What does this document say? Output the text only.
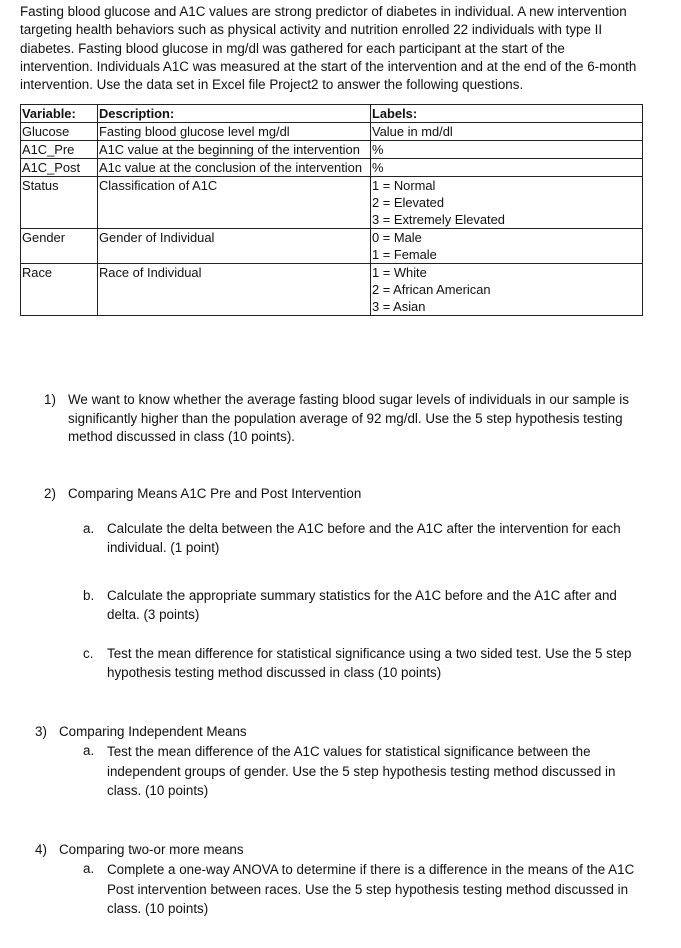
Fasting blood glucose and A1C values are strong predictor of diabetes in individual. A new intervention targeting health behaviors such as physical activity and nutrition enrolled 22 individuals with type II diabetes. Fasting blood glucose in mg/dl was gathered for each participant at the start of the intervention. Individuals A1C was measured at the start of the intervention and at the end of the 6-month intervention. Use the data set in Excel file Project2 to answer the following questions.

Variable:	Description:	Labels:
Glucose	Fasting blood glucose level mg/dl	Value in md/dl

A1C_Pre	A1C value at the beginning of the intervention	%

A1C_Post	A1c value at the conclusion of the intervention	%

Status	Classification of A1C	1 = Normal
2 = Elevated
3 = Extremely Elevated

Gender	Gender of Individual	0 = Male
1 = Female

Race	Race of Individual	1 = White
2 = African American
3 = Asian
1) We want to know whether the average fasting blood sugar levels of individuals in our sample is significantly higher than the population average of 92 mg/dl. Use the 5 step hypothesis testing method discussed in class (10 points).

2) Comparing Means A1C Pre and Post Intervention
a. Calculate the delta between the A1C before and the A1C after the intervention for each individual. (1 point)

b. Calculate the appropriate summary statistics for the A1C before and the A1C after and delta. (3 points)

c. Test the mean difference for statistical significance using a two sided test. Use the 5 step hypothesis testing method discussed in class (10 points)

3) Comparing Independent Means
a. Test the mean difference of the A1C values for statistical significance between the independent groups of gender. Use the 5 step hypothesis testing method discussed in class. (10 points)

4) Comparing two-or more means
a. Complete a one-way ANOVA to determine if there is a difference in the means of the A1C Post intervention between races. Use the 5 step hypothesis testing method discussed in class. (10 points)
